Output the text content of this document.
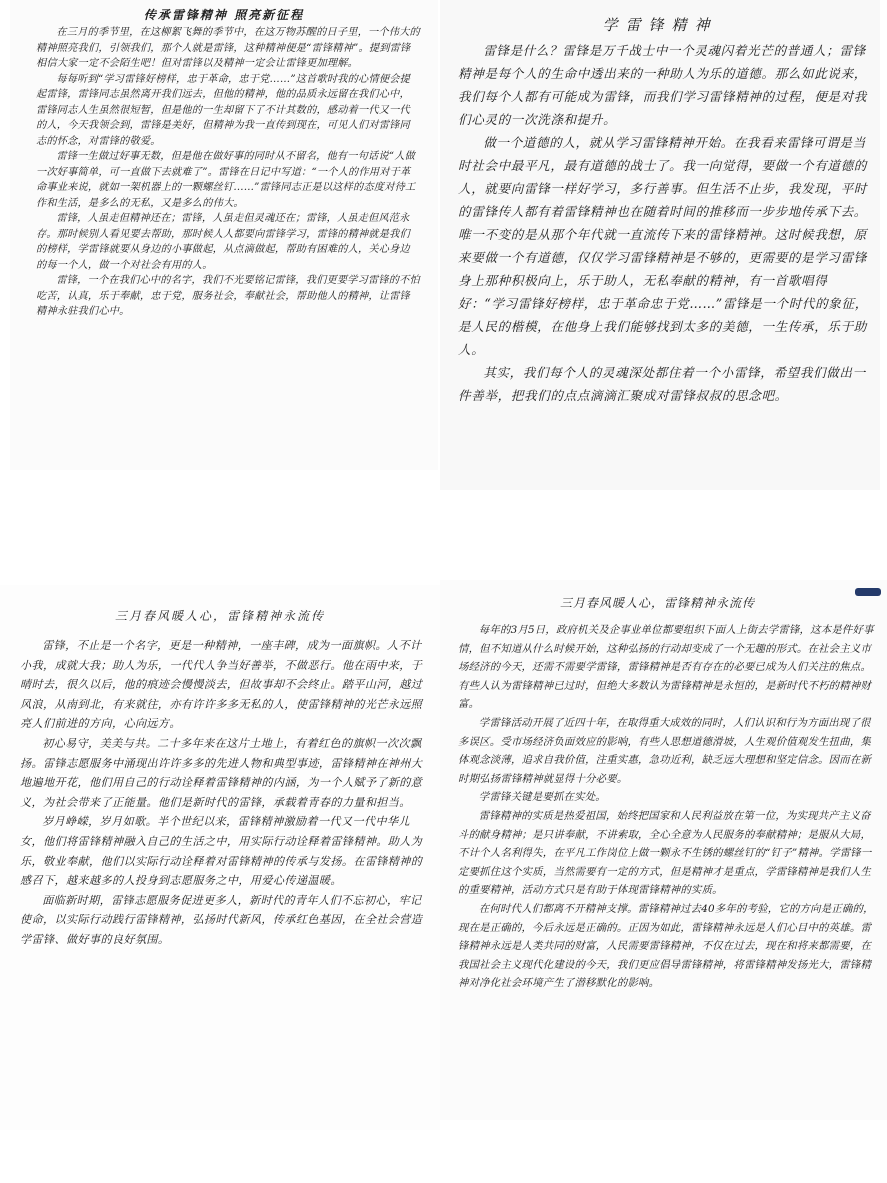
传承雷锋精神 照亮新征程

在三月的季节里，在这柳絮飞舞的季节中，在这万物苏醒的日子里，一个伟大的精神照亮我们，引领我们，那个人就是雷锋，这种精神便是“雷锋精神”。提到雷锋相信大家一定不会陌生吧！但对雷锋以及精神一定会让雷锋更加理解。

每每听到“学习雷锋好榜样，忠于革命，忠于党……”这首歌时我的心情便会提起雷锋，雷锋同志虽然离开我们远去，但他的精神，他的品质永远留在我们心中，雷锋同志人生虽然很短暂，但是他的一生却留下了不计其数的，感动着一代又一代的人，今天我领会到，雷锋是美好，但精神为我一直传到现在，可见人们对雷锋同志的怀念，对雷锋的敬爱。

雷锋一生做过好事无数，但是他在做好事的同时从不留名，他有一句话说“人做一次好事简单，可一直做下去就难了”。雷锋在日记中写道：“一个人的作用对于革命事业来说，就如一架机器上的一颗螺丝钉……”雷锋同志正是以这样的态度对待工作和生活，是多么的无私，又是多么的伟大。

雷锋，人虽走但精神还在；雷锋，人虽走但灵魂还在；雷锋，人虽走但风范永存。那时候别人看见要去帮助，那时候人人都要向雷锋学习，雷锋的精神就是我们的榜样，学雷锋就要从身边的小事做起，从点滴做起，帮助有困难的人，关心身边的每一个人，做一个对社会有用的人。

雷锋，一个在我们心中的名字，我们不光要铭记雷锋，我们更要学习雷锋的不怕吃苦，认真，乐于奉献，忠于党，服务社会，奉献社会，帮助他人的精神，让雷锋精神永驻我们心中。

学雷锋精神

雷锋是什么？雷锋是万千战士中一个灵魂闪着光芒的普通人；雷锋精神是每个人的生命中透出来的一种助人为乐的道德。那么如此说来，我们每个人都有可能成为雷锋，而我们学习雷锋精神的过程，便是对我们心灵的一次洗涤和提升。

做一个道德的人，就从学习雷锋精神开始。在我看来雷锋可谓是当时社会中最平凡，最有道德的战士了。我一向觉得，要做一个有道德的人，就要向雷锋一样好学习，多行善事。但生活不止步，我发现，平时的雷锋传人都有着雷锋精神也在随着时间的推移而一步步地传承下去。唯一不变的是从那个年代就一直流传下来的雷锋精神。这时候我想，原来要做一个有道德，仅仅学习雷锋精神是不够的，更需要的是学习雷锋身上那种积极向上，乐于助人，无私奉献的精神，有一首歌唱得好：“学习雷锋好榜样，忠于革命忠于党……”雷锋是一个时代的象征，是人民的楷模，在他身上我们能够找到太多的美德，一生传承，乐于助人。

其实，我们每个人的灵魂深处都住着一个小雷锋，希望我们做出一件善举，把我们的点点滴滴汇聚成对雷锋叔叔的思念吧。

三月春风暖人心，雷锋精神永流传

雷锋，不止是一个名字，更是一种精神，一座丰碑，成为一面旗帜。人不计小我，成就大我；助人为乐，一代代人争当好善举，不做恶行。他在雨中来，于晴时去，很久以后，他的痕迹会慢慢淡去，但故事却不会终止。踏平山河，越过风浪，从南到北，有来就往，亦有许许多多无私的人，使雷锋精神的光芒永远照亮人们前进的方向，心向远方。

初心易守，美美与共。二十多年来在这片土地上，有着红色的旗帜一次次飘扬。雷锋志愿服务中涌现出许许多多的先进人物和典型事迹，雷锋精神在神州大地遍地开花，他们用自己的行动诠释着雷锋精神的内涵，为一个人赋予了新的意义，为社会带来了正能量。他们是新时代的雷锋，承载着青春的力量和担当。

岁月峥嵘，岁月如歌。半个世纪以来，雷锋精神激励着一代又一代中华儿女，他们将雷锋精神融入自己的生活之中，用实际行动诠释着雷锋精神。助人为乐，敬业奉献，他们以实际行动诠释着对雷锋精神的传承与发扬。在雷锋精神的感召下，越来越多的人投身到志愿服务之中，用爱心传递温暖。

面临新时期，雷锋志愿服务促进更多人，新时代的青年人们不忘初心，牢记使命，以实际行动践行雷锋精神，弘扬时代新风，传承红色基因，在全社会营造学雷锋、做好事的良好氛围。

三月春风暖人心，雷锋精神永流传

每年的3月5日，政府机关及企事业单位都要组织下面人上街去学雷锋，这本是件好事情，但不知道从什么时候开始，这种弘扬的行动却变成了一个无趣的形式。在社会主义市场经济的今天，还需不需要学雷锋，雷锋精神是否有存在的必要已成为人们关注的焦点。有些人认为雷锋精神已过时，但绝大多数认为雷锋精神是永恒的，是新时代不朽的精神财富。

学雷锋活动开展了近四十年，在取得重大成效的同时，人们认识和行为方面出现了很多误区。受市场经济负面效应的影响，有些人思想道德滑坡，人生观价值观发生扭曲，集体观念淡薄，追求自我价值，注重实惠，急功近利，缺乏远大理想和坚定信念。因而在新时期弘扬雷锋精神就显得十分必要。

学雷锋关键是要抓在实处。

雷锋精神的实质是热爱祖国，始终把国家和人民利益放在第一位，为实现共产主义奋斗的献身精神；是只讲奉献，不讲索取，全心全意为人民服务的奉献精神；是服从大局，不计个人名利得失，在平凡工作岗位上做一颗永不生锈的螺丝钉的“钉子”精神。学雷锋一定要抓住这个实质，当然需要有一定的方式，但是精神才是重点，学雷锋精神是我们人生的重要精神，活动方式只是有助于体现雷锋精神的实质。

在何时代人们都离不开精神支撑。雷锋精神过去40多年的考验，它的方向是正确的，现在是正确的，今后永远是正确的。正因为如此，雷锋精神永远是人们心目中的英雄。雷锋精神永远是人类共同的财富，人民需要雷锋精神，不仅在过去，现在和将来都需要，在我国社会主义现代化建设的今天，我们更应倡导雷锋精神，将雷锋精神发扬光大，雷锋精神对净化社会环境产生了潜移默化的影响。
